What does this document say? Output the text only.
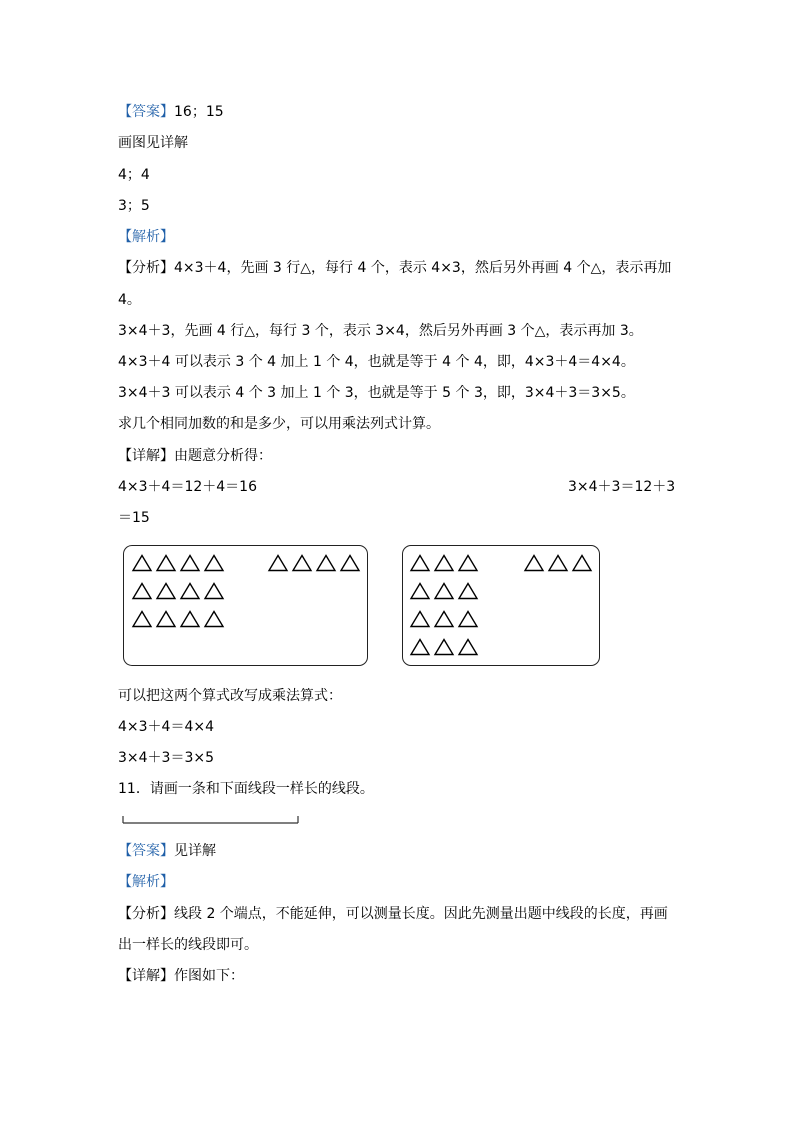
【答案】16；15
画图见详解
4；4
3；5
【解析】
【分析】4×3＋4，先画 3 行△，每行 4 个，表示 4×3，然后另外再画 4 个△，表示再加
4。
3×4＋3，先画 4 行△，每行 3 个，表示 3×4，然后另外再画 3 个△，表示再加 3。
4×3＋4 可以表示 3 个 4 加上 1 个 4，也就是等于 4 个 4，即，4×3＋4＝4×4。
3×4＋3 可以表示 4 个 3 加上 1 个 3，也就是等于 5 个 3，即，3×4＋3＝3×5。
求几个相同加数的和是多少，可以用乘法列式计算。
【详解】由题意分析得：
4×3＋4＝12＋4＝16	3×4＋3＝12＋3
＝15
可以把这两个算式改写成乘法算式：
4×3＋4＝4×4
3×4＋3＝3×5
11．请画一条和下面线段一样长的线段。
【答案】见详解
【解析】
【分析】线段 2 个端点，不能延伸，可以测量长度。因此先测量出题中线段的长度，再画
出一样长的线段即可。
【详解】作图如下：
